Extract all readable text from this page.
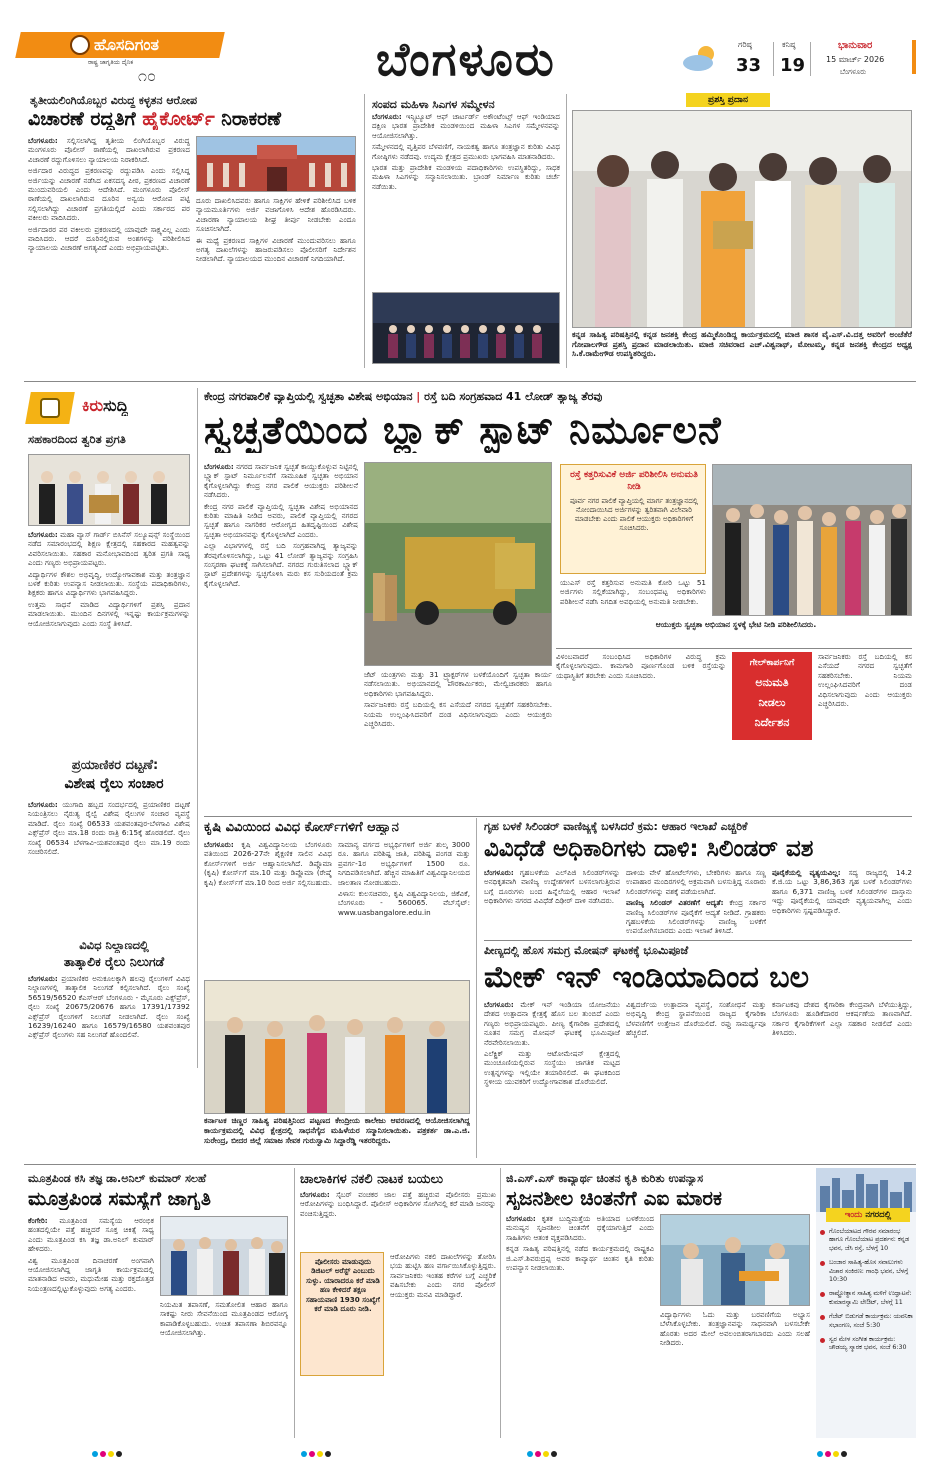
ಹೊಸದಿಗಂತ
ರಾಷ್ಟ್ರ ಜಾಗೃತಿಯ ದೈನಿಕ
೧೦	ಬೆಂಗಳೂರು	ಗರಿಷ್ಠ
33
ಕನಿಷ್ಠ
19
ಭಾನುವಾರ
15 ಮಾರ್ಚ್ 2026
ಬೆಂಗಳೂರು
ತೃತೀಯಲಿಂಗಿಯೊಬ್ಬರ ವಿರುದ್ಧ ಕಳ್ಳತನ ಆರೋಪ
ವಿಚಾರಣೆ ರದ್ದತಿಗೆ ಹೈಕೋರ್ಟ್ ನಿರಾಕರಣೆ

ಬೆಂಗಳೂರು: ಸಲ್ಲಿಸಲಾಗಿದ್ದ ತೃತೀಯ ಲಿಂಗಿಯೊಬ್ಬರ ವಿರುದ್ಧ ಮಂಗಳೂರು ಪೊಲೀಸ್ ಠಾಣೆಯಲ್ಲಿ ದಾಖಲಾಗಿರುವ ಪ್ರಕರಣದ ವಿಚಾರಣೆ ರದ್ದುಗೊಳಿಸಲು ನ್ಯಾಯಾಲಯ ನಿರಾಕರಿಸಿದೆ.

ಅರ್ಜಿದಾರ ವಿರುದ್ಧದ ಪ್ರಕರಣವನ್ನು ರದ್ದುಪಡಿಸಿ ಎಂದು ಸಲ್ಲಿಸಿದ್ದ ಅರ್ಜಿಯನ್ನು ವಿಚಾರಣೆ ನಡೆಸಿದ ಏಕಸದಸ್ಯ ಪೀಠ, ಪ್ರಕರಣದ ವಿಚಾರಣೆ ಮುಂದುವರಿಯಲಿ ಎಂದು ಆದೇಶಿಸಿದೆ. ಮಂಗಳೂರು ಪೊಲೀಸ್ ಠಾಣೆಯಲ್ಲಿ ದಾಖಲಾಗಿರುವ ದೂರಿನ ಅನ್ವಯ ಆರೋಪ ಪಟ್ಟಿ ಸಲ್ಲಿಸಲಾಗಿದ್ದು ವಿಚಾರಣೆ ಪ್ರಗತಿಯಲ್ಲಿದೆ ಎಂದು ಸರ್ಕಾರದ ಪರ ವಕೀಲರು ವಾದಿಸಿದರು.

ಅರ್ಜಿದಾರರ ಪರ ವಕೀಲರು ಪ್ರಕರಣದಲ್ಲಿ ಯಾವುದೇ ಸಾಕ್ಷ್ಯವಿಲ್ಲ ಎಂದು ವಾದಿಸಿದರು. ಆದರೆ ದೂರಿನಲ್ಲಿರುವ ಅಂಶಗಳನ್ನು ಪರಿಶೀಲಿಸಿದ ನ್ಯಾಯಾಲಯ ವಿಚಾರಣೆ ಅಗತ್ಯವಿದೆ ಎಂದು ಅಭಿಪ್ರಾಯಪಟ್ಟಿತು.

ದೂರು ದಾಖಲಿಸಿದವರು ಹಾಗೂ ಸಾಕ್ಷಿಗಳ ಹೇಳಿಕೆ ಪರಿಶೀಲಿಸಿದ ಬಳಿಕ ನ್ಯಾಯಮೂರ್ತಿಗಳು ಅರ್ಜಿ ವಜಾಗೊಳಿಸಿ ಆದೇಶ ಹೊರಡಿಸಿದರು. ವಿಚಾರಣಾ ನ್ಯಾಯಾಲಯ ಶೀಘ್ರ ತೀರ್ಪು ನೀಡಬೇಕು ಎಂದೂ ಸೂಚಿಸಲಾಗಿದೆ.

ಈ ಮಧ್ಯೆ ಪ್ರಕರಣದ ಸಾಕ್ಷಿಗಳ ವಿಚಾರಣೆ ಮುಂದುವರಿಸಲು ಹಾಗೂ ಅಗತ್ಯ ದಾಖಲೆಗಳನ್ನು ಹಾಜರುಪಡಿಸಲು ಪೊಲೀಸರಿಗೆ ನಿರ್ದೇಶನ ನೀಡಲಾಗಿದೆ. ನ್ಯಾಯಾಲಯದ ಮುಂದಿನ ವಿಚಾರಣೆ ನಿಗದಿಯಾಗಿದೆ.

ಸಂಪದ ಮಹಿಳಾ ಸಿಎಗಳ ಸಮ್ಮೇಳನ

ಬೆಂಗಳೂರು: ಇನ್ಸ್ಟಿಟ್ಯೂಟ್ ಆಫ್ ಚಾರ್ಟರ್ಡ್ ಅಕೌಂಟೆಂಟ್ಸ್ ಆಫ್ ಇಂಡಿಯಾದ ದಕ್ಷಿಣ ಭಾರತ ಪ್ರಾದೇಶಿಕ ಮಂಡಳಿಯಿಂದ ಮಹಿಳಾ ಸಿಎಗಳ ಸಮ್ಮೇಳನವನ್ನು ಆಯೋಜಿಸಲಾಗಿತ್ತು.

ಸಮ್ಮೇಳನದಲ್ಲಿ ವೃತ್ತಿಪರ ಬೆಳವಣಿಗೆ, ನಾಯಕತ್ವ ಹಾಗೂ ತಂತ್ರಜ್ಞಾನ ಕುರಿತು ವಿವಿಧ ಗೋಷ್ಠಿಗಳು ನಡೆದವು. ಉದ್ಯಮ ಕ್ಷೇತ್ರದ ಪ್ರಮುಖರು ಭಾಗವಹಿಸಿ ಮಾತನಾಡಿದರು.

ಭಾರತ ಮತ್ತು ಪ್ರಾದೇಶಿಕ ಮಂಡಳಿಯ ಪದಾಧಿಕಾರಿಗಳು ಉಪಸ್ಥಿತರಿದ್ದು, ಸಾಧಕ ಮಹಿಳಾ ಸಿಎಗಳನ್ನು ಸನ್ಮಾನಿಸಲಾಯಿತು. ಬ್ರಾಂಡ್ ನಿರ್ಮಾಣ ಕುರಿತು ಚರ್ಚೆ ನಡೆಯಿತು.

ಪ್ರಶಸ್ತಿ ಪ್ರದಾನ
ಕನ್ನಡ ಸಾಹಿತ್ಯ ಪರಿಷತ್ತಿನಲ್ಲಿ ಕನ್ನಡ ಜನಶಕ್ತಿ ಕೇಂದ್ರ ಹಮ್ಮಿಕೊಂಡಿದ್ದ ಕಾರ್ಯಕ್ರಮದಲ್ಲಿ ಮಾಜಿ ಶಾಸಕ ವೈ.ಎಸ್.ವಿ.ದತ್ತ ಅವರಿಗೆ ಅಂಚೆತೆರೆ ಗೋಪಾಲಗೌಡ ಪ್ರಶಸ್ತಿ ಪ್ರದಾನ ಮಾಡಲಾಯಿತು. ಮಾಜಿ ಸಚಿವರಾದ ಎಚ್.ವಿಶ್ವನಾಥ್, ಮೋಟಮ್ಮ, ಕನ್ನಡ ಜನಶಕ್ತಿ ಕೇಂದ್ರದ ಅಧ್ಯಕ್ಷ ಸಿ.ಕೆ.ರಾಮೇಗೌಡ ಉಪಸ್ಥಿತರಿದ್ದರು.
ಕಿರುಸುದ್ದಿ
ಸಹಕಾರದಿಂದ ತ್ವರಿತ ಪ್ರಗತಿ

ಬೆಂಗಳೂರು: ಮಹಾ ವ್ಯಾಸ್ ಗಾರ್ಡ್ ಬಿಸಿನೆಸ್ ಸಲ್ಯೂಷನ್ಸ್ ಸಂಸ್ಥೆಯಿಂದ ನಡೆದ ಸಮಾರಂಭದಲ್ಲಿ ಶಿಕ್ಷಣ ಕ್ಷೇತ್ರದಲ್ಲಿ ಸಹಕಾರದ ಮಹತ್ವವನ್ನು ವಿವರಿಸಲಾಯಿತು. ಸಹಕಾರ ಮನೋಭಾವದಿಂದ ತ್ವರಿತ ಪ್ರಗತಿ ಸಾಧ್ಯ ಎಂದು ಗಣ್ಯರು ಅಭಿಪ್ರಾಯಪಟ್ಟರು.

ವಿದ್ಯಾರ್ಥಿಗಳ ಕೌಶಲ ಅಭಿವೃದ್ಧಿ, ಉದ್ಯೋಗಾವಕಾಶ ಮತ್ತು ತಂತ್ರಜ್ಞಾನ ಬಳಕೆ ಕುರಿತು ಉಪನ್ಯಾಸ ನೀಡಲಾಯಿತು. ಸಂಸ್ಥೆಯ ಪದಾಧಿಕಾರಿಗಳು, ಶಿಕ್ಷಕರು ಹಾಗೂ ವಿದ್ಯಾರ್ಥಿಗಳು ಭಾಗವಹಿಸಿದ್ದರು.

ಉತ್ತಮ ಸಾಧನೆ ಮಾಡಿದ ವಿದ್ಯಾರ್ಥಿಗಳಿಗೆ ಪ್ರಶಸ್ತಿ ಪ್ರದಾನ ಮಾಡಲಾಯಿತು. ಮುಂದಿನ ದಿನಗಳಲ್ಲಿ ಇನ್ನಷ್ಟು ಕಾರ್ಯಕ್ರಮಗಳನ್ನು ಆಯೋಜಿಸಲಾಗುವುದು ಎಂದು ಸಂಸ್ಥೆ ತಿಳಿಸಿದೆ.

ಪ್ರಯಾಣಿಕರ ದಟ್ಟಣೆ:
ವಿಶೇಷ ರೈಲು ಸಂಚಾರ

ಬೆಂಗಳೂರು: ಯುಗಾದಿ ಹಬ್ಬದ ಸಂದರ್ಭದಲ್ಲಿ ಪ್ರಯಾಣಿಕರ ದಟ್ಟಣೆ ನಿಯಂತ್ರಿಸಲು ನೈರುತ್ಯ ರೈಲ್ವೆ ವಿಶೇಷ ರೈಲುಗಳ ಸಂಚಾರ ವ್ಯವಸ್ಥೆ ಮಾಡಿದೆ. ರೈಲು ಸಂಖ್ಯೆ 06533 ಯಶವಂತಪುರ-ಬೆಳಗಾವಿ ವಿಶೇಷ ಎಕ್ಸ್‌ಪ್ರೆಸ್ ರೈಲು ಮಾ.18 ರಂದು ರಾತ್ರಿ 6:15ಕ್ಕೆ ಹೊರಡಲಿದೆ. ರೈಲು ಸಂಖ್ಯೆ 06534 ಬೆಳಗಾವಿ-ಯಶವಂತಪುರ ರೈಲು ಮಾ.19 ರಂದು ಸಂಚರಿಸಲಿದೆ.

ವಿವಿಧ ನಿಲ್ದಾಣದಲ್ಲಿ
ತಾತ್ಕಾಲಿಕ ರೈಲು ನಿಲುಗಡೆ

ಬೆಂಗಳೂರು: ಪ್ರಯಾಣಿಕರ ಅನುಕೂಲಕ್ಕಾಗಿ ಹಲವು ರೈಲುಗಳಿಗೆ ವಿವಿಧ ನಿಲ್ದಾಣಗಳಲ್ಲಿ ತಾತ್ಕಾಲಿಕ ನಿಲುಗಡೆ ಕಲ್ಪಿಸಲಾಗಿದೆ. ರೈಲು ಸಂಖ್ಯೆ 56519/56520 ಕೆಎಸ್ಆರ್ ಬೆಂಗಳೂರು - ಮೈಸೂರು ಎಕ್ಸ್‌ಪ್ರೆಸ್, ರೈಲು ಸಂಖ್ಯೆ 20675/20676 ಹಾಗೂ 17391/17392 ಎಕ್ಸ್‌ಪ್ರೆಸ್ ರೈಲುಗಳಿಗೆ ನಿಲುಗಡೆ ನೀಡಲಾಗಿದೆ. ರೈಲು ಸಂಖ್ಯೆ 16239/16240 ಹಾಗೂ 16579/16580 ಯಶವಂತಪುರ ಎಕ್ಸ್‌ಪ್ರೆಸ್ ರೈಲುಗಳು ಸಹ ನಿಲುಗಡೆ ಹೊಂದಲಿವೆ.

ಕೇಂದ್ರ ನಗರಪಾಲಿಕೆ ವ್ಯಾಪ್ತಿಯಲ್ಲಿ ಸ್ವಚ್ಛತಾ ವಿಶೇಷ ಅಭಿಯಾನ | ರಸ್ತೆ ಬದಿ ಸಂಗ್ರಹವಾದ 41 ಲೋಡ್ ತ್ಯಾಜ್ಯ ತೆರವು
ಸ್ವಚ್ಛತೆಯಿಂದ ಬ್ಲ್ಯಾಕ್ ಸ್ಪಾಟ್ ನಿರ್ಮೂಲನೆ

ಬೆಂಗಳೂರು: ನಗರದ ಸಾರ್ವಜನಿಕ ಸ್ವಚ್ಛತೆ ಕಾಯ್ದುಕೊಳ್ಳುವ ನಿಟ್ಟಿನಲ್ಲಿ ಬ್ಲ್ಯಾಕ್ ಸ್ಪಾಟ್ ನಿರ್ಮೂಲನೆಗೆ ಸಾಮೂಹಿಕ ಸ್ವಚ್ಛತಾ ಅಭಿಯಾನ ಕೈಗೊಳ್ಳಲಾಗಿದ್ದು ಕೇಂದ್ರ ನಗರ ಪಾಲಿಕೆ ಆಯುಕ್ತರು ಪರಿಶೀಲನೆ ನಡೆಸಿದರು.

ಕೇಂದ್ರ ನಗರ ಪಾಲಿಕೆ ವ್ಯಾಪ್ತಿಯಲ್ಲಿ ಸ್ವಚ್ಛತಾ ವಿಶೇಷ ಅಭಿಯಾನದ ಕುರಿತು ಮಾಹಿತಿ ನೀಡಿದ ಅವರು, ಪಾಲಿಕೆ ವ್ಯಾಪ್ತಿಯಲ್ಲಿ ನಗರದ ಸ್ವಚ್ಛತೆ ಹಾಗೂ ನಾಗರಿಕರ ಆರೋಗ್ಯದ ಹಿತದೃಷ್ಟಿಯಿಂದ ವಿಶೇಷ ಸ್ವಚ್ಛತಾ ಅಭಿಯಾನವನ್ನು ಕೈಗೊಳ್ಳಲಾಗಿದೆ ಎಂದರು.

ಎಲ್ಲಾ ವಿಭಾಗಗಳಲ್ಲಿ ರಸ್ತೆ ಬದಿ ಸಂಗ್ರಹವಾಗಿದ್ದ ತ್ಯಾಜ್ಯವನ್ನು ತೆರವುಗೊಳಿಸಲಾಗಿದ್ದು, ಒಟ್ಟು 41 ಲೋಡ್ ತ್ಯಾಜ್ಯವನ್ನು ಸಂಗ್ರಹಿಸಿ ಸಂಸ್ಕರಣಾ ಘಟಕಕ್ಕೆ ಸಾಗಿಸಲಾಗಿದೆ. ನಗರದ ಗುರುತಿಸಲಾದ ಬ್ಲ್ಯಾಕ್ ಸ್ಪಾಟ್ ಪ್ರದೇಶಗಳನ್ನು ಸ್ವಚ್ಛಗೊಳಿಸಿ ಮರು ಕಸ ಸುರಿಯದಂತೆ ಕ್ರಮ ಕೈಗೊಳ್ಳಲಾಗಿದೆ.

ಜೆಟ್ ಯಂತ್ರಗಳು ಮತ್ತು 31 ಟ್ರ್ಯಾಕ್ಟರ್‌ಗಳ ಬಳಕೆಯೊಂದಿಗೆ ಸ್ವಚ್ಛತಾ ಕಾರ್ಯ ನಡೆಸಲಾಯಿತು. ಅಭಿಯಾನದಲ್ಲಿ ಪೌರಕಾರ್ಮಿಕರು, ಮೇಲ್ವಿಚಾರಕರು ಹಾಗೂ ಅಧಿಕಾರಿಗಳು ಭಾಗವಹಿಸಿದ್ದರು.

ಸಾರ್ವಜನಿಕರು ರಸ್ತೆ ಬದಿಯಲ್ಲಿ ಕಸ ಎಸೆಯದೆ ನಗರದ ಸ್ವಚ್ಛತೆಗೆ ಸಹಕರಿಸಬೇಕು. ನಿಯಮ ಉಲ್ಲಂಘಿಸಿದವರಿಗೆ ದಂಡ ವಿಧಿಸಲಾಗುವುದು ಎಂದು ಆಯುಕ್ತರು ಎಚ್ಚರಿಸಿದರು.

ರಸ್ತೆ ಕತ್ತರಿಸುವಿಕೆ ಅರ್ಜಿ ಪರಿಶೀಲಿಸಿ ಅನುಮತಿ ನೀಡಿ
ಪೂರ್ವ ನಗರ ಪಾಲಿಕೆ ವ್ಯಾಪ್ತಿಯಲ್ಲಿ ಮಾರ್ಗ ತಂತ್ರಜ್ಞಾನದಲ್ಲಿ ನೋಂದಾಯಿಸಿದ ಅರ್ಜಿಗಳನ್ನು ತ್ವರಿತವಾಗಿ ವಿಲೇವಾರಿ ಮಾಡಬೇಕು ಎಂದು ಪಾಲಿಕೆ ಆಯುಕ್ತರು ಅಧಿಕಾರಿಗಳಿಗೆ ಸೂಚಿಸಿದರು.
ಆಯುಕ್ತರು ಸ್ವಚ್ಛತಾ ಅಭಿಯಾನ ಸ್ಥಳಕ್ಕೆ ಭೇಟಿ ನೀಡಿ ಪರಿಶೀಲಿಸಿದರು.

ಯುಎಸ್ ರಸ್ತೆ ಕತ್ತರಿಸುವ ಅನುಮತಿ ಕೋರಿ ಒಟ್ಟು 51 ಅರ್ಜಿಗಳು ಸಲ್ಲಿಕೆಯಾಗಿದ್ದು, ಸಂಬಂಧಪಟ್ಟ ಅಧಿಕಾರಿಗಳು ಪರಿಶೀಲನೆ ನಡೆಸಿ ನಿಗದಿತ ಅವಧಿಯಲ್ಲಿ ಅನುಮತಿ ನೀಡಬೇಕು.

ವಿಳಂಬವಾದರೆ ಸಂಬಂಧಿಸಿದ ಅಧಿಕಾರಿಗಳ ವಿರುದ್ಧ ಕ್ರಮ ಕೈಗೊಳ್ಳಲಾಗುವುದು. ಕಾಮಗಾರಿ ಪೂರ್ಣಗೊಂಡ ಬಳಿಕ ರಸ್ತೆಯನ್ನು ಯಥಾಸ್ಥಿತಿಗೆ ತರಬೇಕು ಎಂದು ಸೂಚಿಸಿದರು.

ಗೇಲ್‌ಕಾರ್ಪನಿಗೆ
ಅನುಮತಿ
ನೀಡಲು
ನಿರ್ದೇಶನ

ಸಾರ್ವಜನಿಕರು ರಸ್ತೆ ಬದಿಯಲ್ಲಿ ಕಸ ಎಸೆಯದೆ ನಗರದ ಸ್ವಚ್ಛತೆಗೆ ಸಹಕರಿಸಬೇಕು. ನಿಯಮ ಉಲ್ಲಂಘಿಸಿದವರಿಗೆ ದಂಡ ವಿಧಿಸಲಾಗುವುದು ಎಂದು ಆಯುಕ್ತರು ಎಚ್ಚರಿಸಿದರು.

ಕೃಷಿ ವಿವಿಯಿಂದ ವಿವಿಧ ಕೋರ್ಸ್‌ಗಳಿಗೆ ಆಹ್ವಾನ

ಬೆಂಗಳೂರು: ಕೃಷಿ ವಿಶ್ವವಿದ್ಯಾನಿಲಯ ಬೆಂಗಳೂರು ವತಿಯಿಂದ 2026-27ನೇ ಶೈಕ್ಷಣಿಕ ಸಾಲಿನ ವಿವಿಧ ಕೋರ್ಸ್‌ಗಳಿಗೆ ಅರ್ಜಿ ಆಹ್ವಾನಿಸಲಾಗಿದೆ. ಡಿಪ್ಲೊಮಾ (ಕೃಷಿ) ಕೋರ್ಸ್‌ಗೆ ಮಾ.10 ಮತ್ತು ಡಿಪ್ಲೊಮಾ (ರೇಷ್ಮೆ ಕೃಷಿ) ಕೋರ್ಸ್‌ಗೆ ಮಾ.10 ರಿಂದ ಅರ್ಜಿ ಸಲ್ಲಿಸಬಹುದು.

ಸಾಮಾನ್ಯ ವರ್ಗದ ಅಭ್ಯರ್ಥಿಗಳಿಗೆ ಅರ್ಜಿ ಶುಲ್ಕ 3000 ರೂ. ಹಾಗೂ ಪರಿಶಿಷ್ಟ ಜಾತಿ, ಪರಿಶಿಷ್ಟ ಪಂಗಡ ಮತ್ತು ಪ್ರವರ್ಗ-1ರ ಅಭ್ಯರ್ಥಿಗಳಿಗೆ 1500 ರೂ. ನಿಗದಿಪಡಿಸಲಾಗಿದೆ. ಹೆಚ್ಚಿನ ಮಾಹಿತಿಗೆ ವಿಶ್ವವಿದ್ಯಾನಿಲಯದ ಜಾಲತಾಣ ನೋಡಬಹುದು.

ವಿಳಾಸ: ಕುಲಸಚಿವರು, ಕೃಷಿ ವಿಶ್ವವಿದ್ಯಾನಿಲಯ, ಜಿಕೆವಿಕೆ, ಬೆಂಗಳೂರು - 560065. ವೆಬ್‌ಸೈಟ್: www.uasbangalore.edu.in

ಕರ್ನಾಟಕ ಚಿಣ್ಣರ ಸಾಹಿತ್ಯ ಪರಿಷತ್ತಿನಿಂದ ಪಟ್ಟಣದ ಕೇಂದ್ರೀಯ ಕಾಲೇಜು ಆವರಣದಲ್ಲಿ ಆಯೋಜಿಸಲಾಗಿದ್ದ ಕಾರ್ಯಕ್ರಮದಲ್ಲಿ ವಿವಿಧ ಕ್ಷೇತ್ರದಲ್ಲಿ ಸಾಧನೆಗೈದ ಮಹಿಳೆಯರ ಸನ್ಮಾನಿಸಲಾಯಿತು. ಪತ್ರಕರ್ತ ಡಾ.ಎ.ಜಿ. ಸುರೇಂದ್ರ, ಬೀದರ ಜಿಲ್ಲೆ ಸಮಾಜ ಸೇವಕ ಗುರುಸ್ವಾಮಿ ಸಿದ್ದಾರೆಡ್ಡಿ ಇತರರಿದ್ದರು.
ಗೃಹ ಬಳಕೆ ಸಿಲಿಂಡರ್ ವಾಣಿಜ್ಯಕ್ಕೆ ಬಳಸಿದರೆ ಕ್ರಮ: ಆಹಾರ ಇಲಾಖೆ ಎಚ್ಚರಿಕೆ
ವಿವಿಧೆಡೆ ಅಧಿಕಾರಿಗಳು ದಾಳಿ: ಸಿಲಿಂಡರ್ ವಶ

ಬೆಂಗಳೂರು: ಗೃಹಬಳಕೆಯ ಎಲ್‌ಪಿಜಿ ಸಿಲಿಂಡರ್‌ಗಳನ್ನು ಅನಧಿಕೃತವಾಗಿ ವಾಣಿಜ್ಯ ಉದ್ದೇಶಗಳಿಗೆ ಬಳಸಲಾಗುತ್ತಿರುವ ಬಗ್ಗೆ ದೂರುಗಳು ಬಂದ ಹಿನ್ನೆಲೆಯಲ್ಲಿ ಆಹಾರ ಇಲಾಖೆ ಅಧಿಕಾರಿಗಳು ನಗರದ ವಿವಿಧೆಡೆ ದಿಢೀರ್ ದಾಳಿ ನಡೆಸಿದರು.

ದಾಳಿಯ ವೇಳೆ ಹೋಟೆಲ್‌ಗಳು, ಬೇಕರಿಗಳು ಹಾಗೂ ಸಣ್ಣ ಉಪಾಹಾರ ಮಂದಿರಗಳಲ್ಲಿ ಅಕ್ರಮವಾಗಿ ಬಳಸುತ್ತಿದ್ದ ನೂರಾರು ಸಿಲಿಂಡರ್‌ಗಳನ್ನು ವಶಕ್ಕೆ ಪಡೆಯಲಾಗಿದೆ.

ವಾಣಿಜ್ಯ ಸಿಲಿಂಡರ್ ವಿತರಣೆಗೆ ಆದ್ಯತೆ: ಕೇಂದ್ರ ಸರ್ಕಾರ ವಾಣಿಜ್ಯ ಸಿಲಿಂಡರ್‌ಗಳ ಪೂರೈಕೆಗೆ ಆದ್ಯತೆ ನೀಡಿದೆ. ಗ್ರಾಹಕರು ಗೃಹಬಳಕೆಯ ಸಿಲಿಂಡರ್‌ಗಳನ್ನು ವಾಣಿಜ್ಯ ಬಳಕೆಗೆ ಉಪಯೋಗಿಸಬಾರದು ಎಂದು ಇಲಾಖೆ ತಿಳಿಸಿದೆ.

ಪೂರೈಕೆಯಲ್ಲಿ ವ್ಯತ್ಯಯವಿಲ್ಲ: ಸದ್ಯ ರಾಜ್ಯದಲ್ಲಿ 14.2 ಕೆ.ಜಿ.ಯ ಒಟ್ಟು 3,86,363 ಗೃಹ ಬಳಕೆ ಸಿಲಿಂಡರ್‌ಗಳು ಹಾಗೂ 6,371 ವಾಣಿಜ್ಯ ಬಳಕೆ ಸಿಲಿಂಡರ್‌ಗಳ ದಾಸ್ತಾನು ಇದ್ದು ಪೂರೈಕೆಯಲ್ಲಿ ಯಾವುದೇ ವ್ಯತ್ಯಯವಾಗಿಲ್ಲ ಎಂದು ಅಧಿಕಾರಿಗಳು ಸ್ಪಷ್ಟಪಡಿಸಿದ್ದಾರೆ.

ಪೀಣ್ಯದಲ್ಲಿ ಹೊಸ ಸಮಗ್ರ ಮೋಷನ್ ಘಟಕಕ್ಕೆ ಭೂಮಿಪೂಜೆ
ಮೇಕ್ ಇನ್ ಇಂಡಿಯಾದಿಂದ ಬಲ

ಬೆಂಗಳೂರು: ಮೇಕ್ ಇನ್ ಇಂಡಿಯಾ ಯೋಜನೆಯು ದೇಶದ ಉತ್ಪಾದನಾ ಕ್ಷೇತ್ರಕ್ಕೆ ಹೊಸ ಬಲ ತುಂಬಿದೆ ಎಂದು ಗಣ್ಯರು ಅಭಿಪ್ರಾಯಪಟ್ಟರು. ಪೀಣ್ಯ ಕೈಗಾರಿಕಾ ಪ್ರದೇಶದಲ್ಲಿ ನೂತನ ಸಮಗ್ರ ಮೋಷನ್ ಘಟಕಕ್ಕೆ ಭೂಮಿಪೂಜೆ ನೆರವೇರಿಸಲಾಯಿತು.

ಎಲೆಕ್ಟ್ರಿಕ್ ಮತ್ತು ಆಟೋಮೇಷನ್ ಕ್ಷೇತ್ರದಲ್ಲಿ ಮುಂಚೂಣಿಯಲ್ಲಿರುವ ಸಂಸ್ಥೆಯು ಜಾಗತಿಕ ಮಟ್ಟದ ಉತ್ಪನ್ನಗಳನ್ನು ಇಲ್ಲಿಯೇ ತಯಾರಿಸಲಿದೆ. ಈ ಘಟಕದಿಂದ ಸ್ಥಳೀಯ ಯುವಕರಿಗೆ ಉದ್ಯೋಗಾವಕಾಶ ದೊರೆಯಲಿದೆ.

ವಿಶ್ವದರ್ಜೆಯ ಉತ್ಪಾದನಾ ವ್ಯವಸ್ಥೆ, ಸಂಶೋಧನೆ ಮತ್ತು ಅಭಿವೃದ್ಧಿ ಕೇಂದ್ರ ಸ್ಥಾಪನೆಯಿಂದ ರಾಜ್ಯದ ಕೈಗಾರಿಕಾ ಬೆಳವಣಿಗೆಗೆ ಉತ್ತೇಜನ ದೊರೆಯಲಿದೆ. ರಫ್ತು ಸಾಮರ್ಥ್ಯವೂ ಹೆಚ್ಚಲಿದೆ.

ಕರ್ನಾಟಕವು ದೇಶದ ಕೈಗಾರಿಕಾ ಕೇಂದ್ರವಾಗಿ ಬೆಳೆಯುತ್ತಿದ್ದು, ಬೆಂಗಳೂರು ಹೂಡಿಕೆದಾರರ ಆಕರ್ಷಣೆಯ ತಾಣವಾಗಿದೆ. ಸರ್ಕಾರ ಕೈಗಾರಿಕೆಗಳಿಗೆ ಎಲ್ಲಾ ಸಹಕಾರ ನೀಡಲಿದೆ ಎಂದು ತಿಳಿಸಿದರು.

ಮೂತ್ರಪಿಂಡ ಕಸಿ ತಜ್ಞ ಡಾ.ಅನಿಲ್ ಕುಮಾರ್ ಸಲಹೆ
ಮೂತ್ರಪಿಂಡ ಸಮಸ್ಯೆಗೆ ಜಾಗೃತಿ

ಕೆಂಗೇರಿ: ಮೂತ್ರಪಿಂಡ ಸಮಸ್ಯೆಯ ಆರಂಭಿಕ ಹಂತದಲ್ಲಿಯೇ ಪತ್ತೆ ಹಚ್ಚಿದರೆ ಸೂಕ್ತ ಚಿಕಿತ್ಸೆ ಸಾಧ್ಯ ಎಂದು ಮೂತ್ರಪಿಂಡ ಕಸಿ ತಜ್ಞ ಡಾ.ಅನಿಲ್ ಕುಮಾರ್ ಹೇಳಿದರು.

ವಿಶ್ವ ಮೂತ್ರಪಿಂಡ ದಿನಾಚರಣೆ ಅಂಗವಾಗಿ ಆಯೋಜಿಸಲಾಗಿದ್ದ ಜಾಗೃತಿ ಕಾರ್ಯಕ್ರಮದಲ್ಲಿ ಮಾತನಾಡಿದ ಅವರು, ಮಧುಮೇಹ ಮತ್ತು ರಕ್ತದೊತ್ತಡ ನಿಯಂತ್ರಣದಲ್ಲಿಟ್ಟುಕೊಳ್ಳುವುದು ಅಗತ್ಯ ಎಂದರು.

ನಿಯಮಿತ ತಪಾಸಣೆ, ಸಮತೋಲಿತ ಆಹಾರ ಹಾಗೂ ಸಾಕಷ್ಟು ನೀರು ಸೇವನೆಯಿಂದ ಮೂತ್ರಪಿಂಡದ ಆರೋಗ್ಯ ಕಾಪಾಡಿಕೊಳ್ಳಬಹುದು. ಉಚಿತ ತಪಾಸಣಾ ಶಿಬಿರವನ್ನೂ ಆಯೋಜಿಸಲಾಗಿತ್ತು.

ಚಾಲಾಕಿಗಳ ನಕಲಿ ನಾಟಕ ಬಯಲು

ಬೆಂಗಳೂರು: ಸೈಬರ್ ವಂಚಕರ ಜಾಲ ಪತ್ತೆ ಹಚ್ಚಿರುವ ಪೊಲೀಸರು ಪ್ರಮುಖ ಆರೋಪಿಗಳನ್ನು ಬಂಧಿಸಿದ್ದಾರೆ. ಪೊಲೀಸ್ ಅಧಿಕಾರಿಗಳ ಸೋಗಿನಲ್ಲಿ ಕರೆ ಮಾಡಿ ಜನರನ್ನು ವಂಚಿಸುತ್ತಿದ್ದರು.

ಪೊಲೀಸರು ಮಾಡುವುದು ಡಿಜಿಟಲ್ ಅರೆಸ್ಟ್ ಎಂಬುದು ಸುಳ್ಳು. ಯಾರಾದರೂ ಕರೆ ಮಾಡಿ ಹಣ ಕೇಳಿದರೆ ತಕ್ಷಣ ಸಹಾಯವಾಣಿ 1930 ಸಂಖ್ಯೆಗೆ ಕರೆ ಮಾಡಿ ದೂರು ನೀಡಿ.

ಆರೋಪಿಗಳು ನಕಲಿ ದಾಖಲೆಗಳನ್ನು ತೋರಿಸಿ ಭಯ ಹುಟ್ಟಿಸಿ ಹಣ ವರ್ಗಾಯಿಸಿಕೊಳ್ಳುತ್ತಿದ್ದರು. ಸಾರ್ವಜನಿಕರು ಇಂತಹ ಕರೆಗಳ ಬಗ್ಗೆ ಎಚ್ಚರಿಕೆ ವಹಿಸಬೇಕು ಎಂದು ನಗರ ಪೊಲೀಸ್ ಆಯುಕ್ತರು ಮನವಿ ಮಾಡಿದ್ದಾರೆ.

ಜಿ.ಎಸ್.ಎಸ್ ಕಾವ್ಯಾರ್ಥ ಚಿಂತನ ಕೃತಿ ಕುರಿತು ಉಪನ್ಯಾಸ
ಸೃಜನಶೀಲ ಚಿಂತನೆಗೆ ಎಐ ಮಾರಕ

ಬೆಂಗಳೂರು: ಕೃತಕ ಬುದ್ಧಿಮತ್ತೆಯ ಅತಿಯಾದ ಬಳಕೆಯಿಂದ ಮನುಷ್ಯನ ಸೃಜನಶೀಲ ಚಿಂತನೆಗೆ ಧಕ್ಕೆಯಾಗುತ್ತಿದೆ ಎಂದು ಸಾಹಿತಿಗಳು ಆತಂಕ ವ್ಯಕ್ತಪಡಿಸಿದರು.

ಕನ್ನಡ ಸಾಹಿತ್ಯ ಪರಿಷತ್ತಿನಲ್ಲಿ ನಡೆದ ಕಾರ್ಯಕ್ರಮದಲ್ಲಿ ರಾಷ್ಟ್ರಕವಿ ಜಿ.ಎಸ್.ಶಿವರುದ್ರಪ್ಪ ಅವರ ಕಾವ್ಯಾರ್ಥ ಚಿಂತನ ಕೃತಿ ಕುರಿತು ಉಪನ್ಯಾಸ ನೀಡಲಾಯಿತು.

ವಿದ್ಯಾರ್ಥಿಗಳು ಓದು ಮತ್ತು ಬರವಣಿಗೆಯ ಅಭ್ಯಾಸ ಬೆಳೆಸಿಕೊಳ್ಳಬೇಕು. ತಂತ್ರಜ್ಞಾನವನ್ನು ಸಾಧನವಾಗಿ ಬಳಸಬೇಕೇ ಹೊರತು ಅದರ ಮೇಲೆ ಅವಲಂಬಿತರಾಗಬಾರದು ಎಂದು ಸಲಹೆ ನೀಡಿದರು.

ಇಂದು ನಗರದಲ್ಲಿ
ಗೊಂಬೆಯಾಟದ ಗೌರವ ಸಮಾರಂಭ ಹಾಗೂ ಗೊಂಬೆಯಾಟ ಪ್ರದರ್ಶನ: ಕನ್ನಡ ಭವನ, ಜೆಸಿ ರಸ್ತೆ, ಬೆಳಗ್ಗೆ 10
ಬಂಜಾರ ಸಾಹಿತ್ಯ-ಹೊಸ ಸವಾಲುಗಳು ವಿಚಾರ ಸಂಕಿರಣ: ಗಾಂಧಿ ಭವನ, ಬೆಳಗ್ಗೆ 10:30
ರಾಷ್ಟ್ರೋತ್ಥಾನ ಸಾಹಿತ್ಯ ಮಳಿಗೆ ಉದ್ಘಾಟನೆ: ಕುಮಾರಸ್ವಾಮಿ ಲೇಔಟ್, ಬೆಳಗ್ಗೆ 11
ಗೆಜೆಟ್ ಬಿಡುಗಡೆ ಕಾರ್ಯಕ್ರಮ: ಯವನಿಕಾ ಸಭಾಂಗಣ, ಸಂಜೆ 5:30
ಸ್ವರ ಮೇಳ ಸಂಗೀತ ಕಾರ್ಯಕ್ರಮ: ಚೌಡಯ್ಯ ಸ್ಮಾರಕ ಭವನ, ಸಂಜೆ 6:30
